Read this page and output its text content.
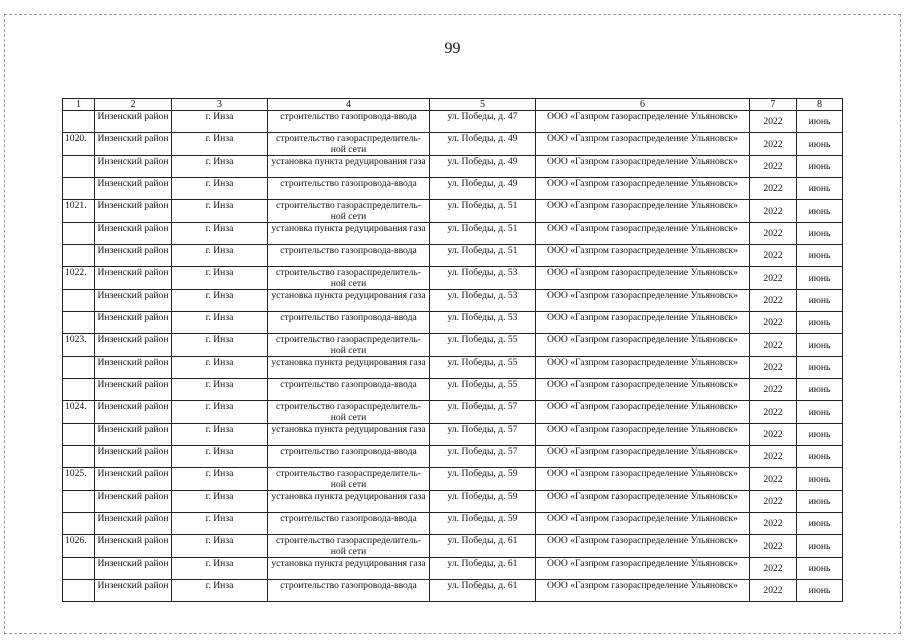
99
1	2	3	4	5	6	7	8
	Инзенский район	г. Инза	строительство газопровода-ввода	ул. Победы, д. 47	ООО «Газпром газораспределение Ульяновск»	2022	июнь
1020.	Инзенский район	г. Инза	строительство газораспределитель-ной сети	ул. Победы, д. 49	ООО «Газпром газораспределение Ульяновск»	2022	июнь
	Инзенский район	г. Инза	установка пункта редуцирования газа	ул. Победы, д. 49	ООО «Газпром газораспределение Ульяновск»	2022	июнь
	Инзенский район	г. Инза	строительство газопровода-ввода	ул. Победы, д. 49	ООО «Газпром газораспределение Ульяновск»	2022	июнь
1021.	Инзенский район	г. Инза	строительство газораспределитель-ной сети	ул. Победы, д. 51	ООО «Газпром газораспределение Ульяновск»	2022	июнь
	Инзенский район	г. Инза	установка пункта редуцирования газа	ул. Победы, д. 51	ООО «Газпром газораспределение Ульяновск»	2022	июнь
	Инзенский район	г. Инза	строительство газопровода-ввода	ул. Победы, д. 51	ООО «Газпром газораспределение Ульяновск»	2022	июнь
1022.	Инзенский район	г. Инза	строительство газораспределитель-ной сети	ул. Победы, д. 53	ООО «Газпром газораспределение Ульяновск»	2022	июнь
	Инзенский район	г. Инза	установка пункта редуцирования газа	ул. Победы, д. 53	ООО «Газпром газораспределение Ульяновск»	2022	июнь
	Инзенский район	г. Инза	строительство газопровода-ввода	ул. Победы, д. 53	ООО «Газпром газораспределение Ульяновск»	2022	июнь
1023.	Инзенский район	г. Инза	строительство газораспределитель-ной сети	ул. Победы, д. 55	ООО «Газпром газораспределение Ульяновск»	2022	июнь
	Инзенский район	г. Инза	установка пункта редуцирования газа	ул. Победы, д. 55	ООО «Газпром газораспределение Ульяновск»	2022	июнь
	Инзенский район	г. Инза	строительство газопровода-ввода	ул. Победы, д. 55	ООО «Газпром газораспределение Ульяновск»	2022	июнь
1024.	Инзенский район	г. Инза	строительство газораспределитель-ной сети	ул. Победы, д. 57	ООО «Газпром газораспределение Ульяновск»	2022	июнь
	Инзенский район	г. Инза	установка пункта редуцирования газа	ул. Победы, д. 57	ООО «Газпром газораспределение Ульяновск»	2022	июнь
	Инзенский район	г. Инза	строительство газопровода-ввода	ул. Победы, д. 57	ООО «Газпром газораспределение Ульяновск»	2022	июнь
1025.	Инзенский район	г. Инза	строительство газораспределитель-ной сети	ул. Победы, д. 59	ООО «Газпром газораспределение Ульяновск»	2022	июнь
	Инзенский район	г. Инза	установка пункта редуцирования газа	ул. Победы, д. 59	ООО «Газпром газораспределение Ульяновск»	2022	июнь
	Инзенский район	г. Инза	строительство газопровода-ввода	ул. Победы, д. 59	ООО «Газпром газораспределение Ульяновск»	2022	июнь
1026.	Инзенский район	г. Инза	строительство газораспределитель-ной сети	ул. Победы, д. 61	ООО «Газпром газораспределение Ульяновск»	2022	июнь
	Инзенский район	г. Инза	установка пункта редуцирования газа	ул. Победы, д. 61	ООО «Газпром газораспределение Ульяновск»	2022	июнь
	Инзенский район	г. Инза	строительство газопровода-ввода	ул. Победы, д. 61	ООО «Газпром газораспределение Ульяновск»	2022	июнь
